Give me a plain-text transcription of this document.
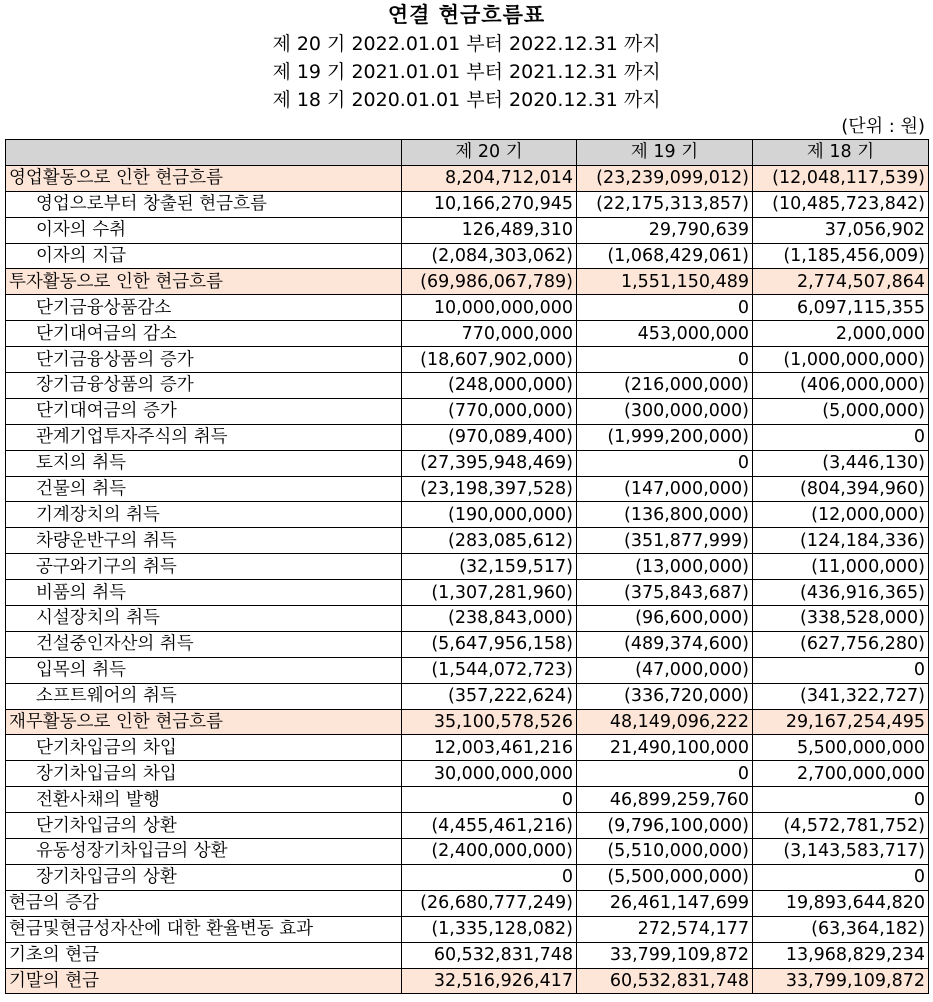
연결 현금흐름표
제 20 기 2022.01.01 부터 2022.12.31 까지
제 19 기 2021.01.01 부터 2021.12.31 까지
제 18 기 2020.01.01 부터 2020.12.31 까지
(단위 : 원)
	제 20 기	제 19 기	제 18 기
영업활동으로 인한 현금흐름	8,204,712,014	(23,239,099,012)	(12,048,117,539)
영업으로부터 창출된 현금흐름	10,166,270,945	(22,175,313,857)	(10,485,723,842)
이자의 수취	126,489,310	29,790,639	37,056,902
이자의 지급	(2,084,303,062)	(1,068,429,061)	(1,185,456,009)
투자활동으로 인한 현금흐름	(69,986,067,789)	1,551,150,489	2,774,507,864
단기금융상품감소	10,000,000,000	0	6,097,115,355
단기대여금의 감소	770,000,000	453,000,000	2,000,000
단기금융상품의 증가	(18,607,902,000)	0	(1,000,000,000)
장기금융상품의 증가	(248,000,000)	(216,000,000)	(406,000,000)
단기대여금의 증가	(770,000,000)	(300,000,000)	(5,000,000)
관계기업투자주식의 취득	(970,089,400)	(1,999,200,000)	0
토지의 취득	(27,395,948,469)	0	(3,446,130)
건물의 취득	(23,198,397,528)	(147,000,000)	(804,394,960)
기계장치의 취득	(190,000,000)	(136,800,000)	(12,000,000)
차량운반구의 취득	(283,085,612)	(351,877,999)	(124,184,336)
공구와기구의 취득	(32,159,517)	(13,000,000)	(11,000,000)
비품의 취득	(1,307,281,960)	(375,843,687)	(436,916,365)
시설장치의 취득	(238,843,000)	(96,600,000)	(338,528,000)
건설중인자산의 취득	(5,647,956,158)	(489,374,600)	(627,756,280)
입목의 취득	(1,544,072,723)	(47,000,000)	0
소프트웨어의 취득	(357,222,624)	(336,720,000)	(341,322,727)
재무활동으로 인한 현금흐름	35,100,578,526	48,149,096,222	29,167,254,495
단기차입금의 차입	12,003,461,216	21,490,100,000	5,500,000,000
장기차입금의 차입	30,000,000,000	0	2,700,000,000
전환사채의 발행	0	46,899,259,760	0
단기차입금의 상환	(4,455,461,216)	(9,796,100,000)	(4,572,781,752)
유동성장기차입금의 상환	(2,400,000,000)	(5,510,000,000)	(3,143,583,717)
장기차입금의 상환	0	(5,500,000,000)	0
현금의 증감	(26,680,777,249)	26,461,147,699	19,893,644,820
현금및현금성자산에 대한 환율변동 효과	(1,335,128,082)	272,574,177	(63,364,182)
기초의 현금	60,532,831,748	33,799,109,872	13,968,829,234
기말의 현금	32,516,926,417	60,532,831,748	33,799,109,872
